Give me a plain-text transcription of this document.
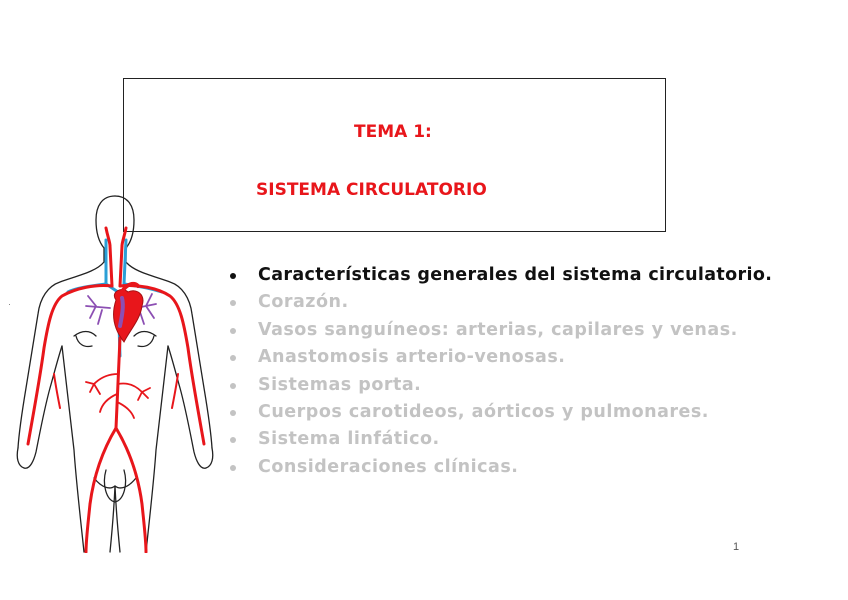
TEMA 1:
SISTEMA CIRCULATORIO
Características generales del sistema circulatorio.
Corazón.
Vasos sanguíneos: arterias, capilares y venas.
Anastomosis arterio-venosas.
Sistemas porta.
Cuerpos carotideos, aórticos y pulmonares.
Sistema linfático.
Consideraciones clínicas.
1
